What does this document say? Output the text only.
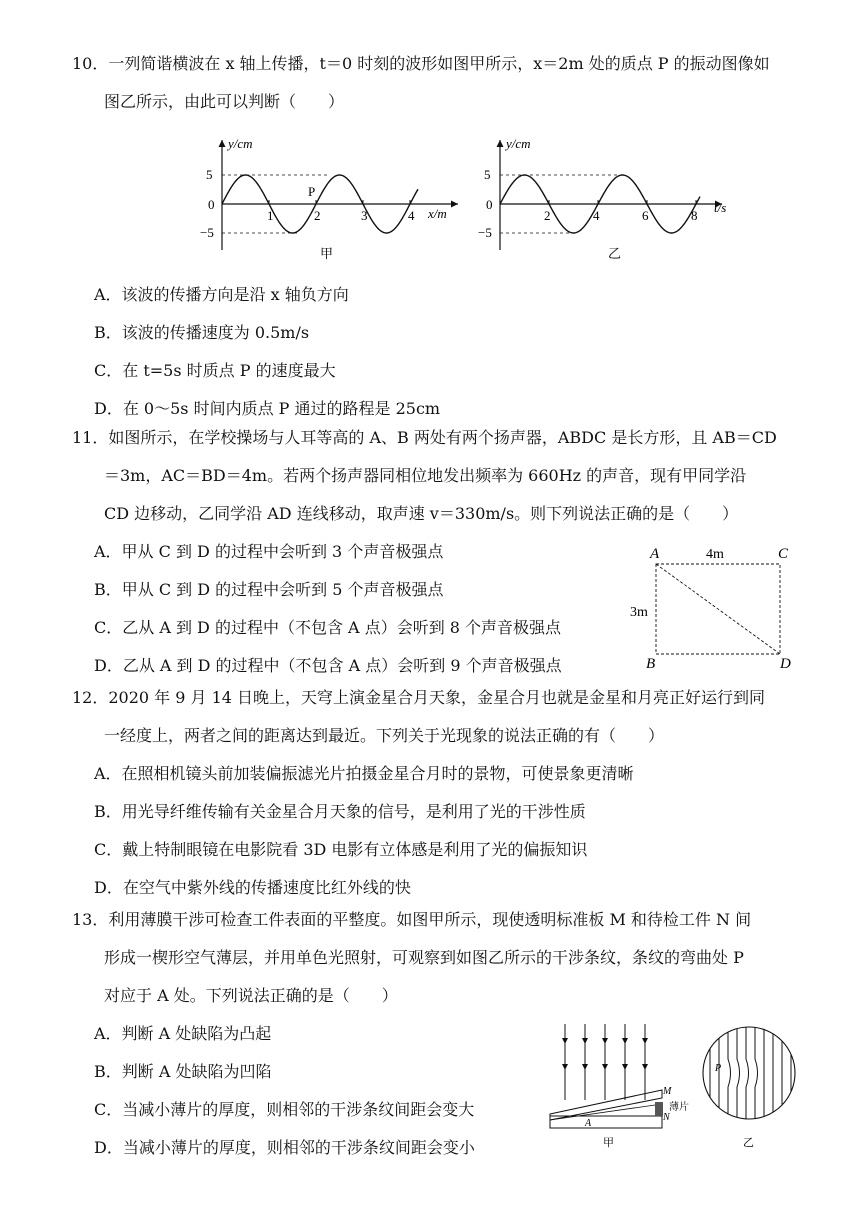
10．一列简谐横波在 x 轴上传播，t＝0 时刻的波形如图甲所示，x＝2m 处的质点 P 的振动图像如
图乙所示，由此可以判断（　　）
y/cm
x/m
P
5
0
−5
1	2	3	4
甲
y/cm
t/s
5
0
−5
2	4	6	8
乙
A．该波的传播方向是沿 x 轴负方向
B．该波的传播速度为 0.5m/s
C．在 t=5s 时质点 P 的速度最大
D．在 0～5s 时间内质点 P 通过的路程是 25cm
11．如图所示，在学校操场与人耳等高的 A、B 两处有两个扬声器，ABDC 是长方形，且 AB＝CD
＝3m，AC＝BD＝4m。若两个扬声器同相位地发出频率为 660Hz 的声音，现有甲同学沿
CD 边移动，乙同学沿 AD 连线移动，取声速 v＝330m/s。则下列说法正确的是（　　）
A	C
B	D
4m
3m
A．甲从 C 到 D 的过程中会听到 3 个声音极强点
B．甲从 C 到 D 的过程中会听到 5 个声音极强点
C．乙从 A 到 D 的过程中（不包含 A 点）会听到 8 个声音极强点
D．乙从 A 到 D 的过程中（不包含 A 点）会听到 9 个声音极强点
12．2020 年 9 月 14 日晚上，天穹上演金星合月天象，金星合月也就是金星和月亮正好运行到同
一经度上，两者之间的距离达到最近。下列关于光现象的说法正确的有（　　）
A．在照相机镜头前加装偏振滤光片拍摄金星合月时的景物，可使景象更清晰
B．用光导纤维传输有关金星合月天象的信号，是利用了光的干涉性质
C．戴上特制眼镜在电影院看 3D 电影有立体感是利用了光的偏振知识
D．在空气中紫外线的传播速度比红外线的快
13．利用薄膜干涉可检查工件表面的平整度。如图甲所示，现使透明标准板 M 和待检工件 N 间
形成一楔形空气薄层，并用单色光照射，可观察到如图乙所示的干涉条纹，条纹的弯曲处 P
对应于 A 处。下列说法正确的是（　　）
A．判断 A 处缺陷为凸起
B．判断 A 处缺陷为凹陷
C．当减小薄片的厚度，则相邻的干涉条纹间距会变大
D．当减小薄片的厚度，则相邻的干涉条纹间距会变小
M
N
薄片
A
甲
P
乙
